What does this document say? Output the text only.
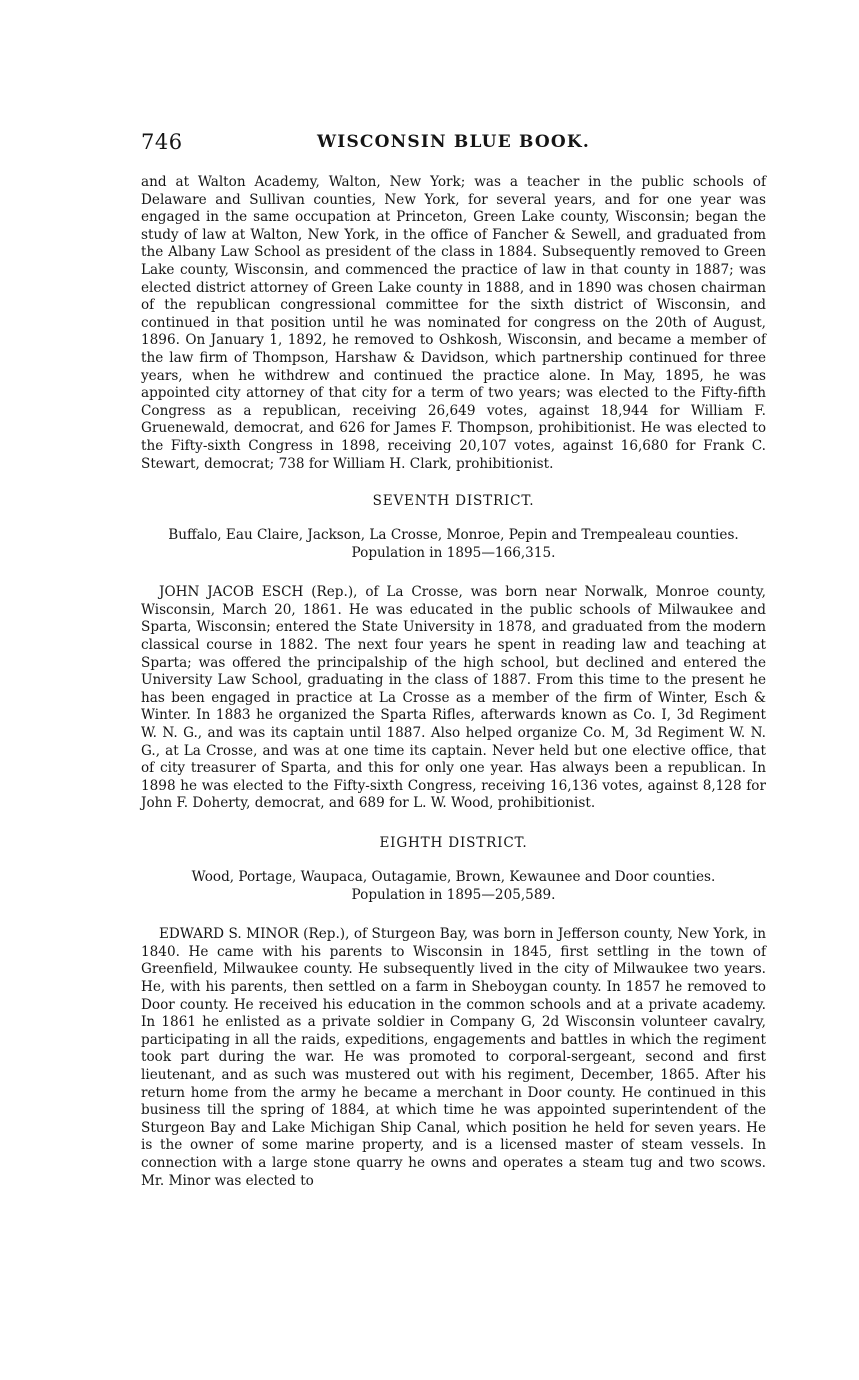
746	WISCONSIN BLUE BOOK.

and at Walton Academy, Walton, New York; was a teacher in the public schools of Delaware and Sullivan counties, New York, for several years, and for one year was engaged in the same occupation at Princeton, Green Lake county, Wisconsin; began the study of law at Walton, New York, in the office of Fancher & Sewell, and graduated from the Albany Law School as president of the class in 1884. Subsequently removed to Green Lake county, Wisconsin, and commenced the practice of law in that county in 1887; was elected district attorney of Green Lake county in 1888, and in 1890 was chosen chairman of the republican congressional committee for the sixth district of Wisconsin, and continued in that position until he was nominated for congress on the 20th of August, 1896. On January 1, 1892, he removed to Oshkosh, Wisconsin, and became a member of the law firm of Thompson, Harshaw & Davidson, which partnership continued for three years, when he withdrew and continued the practice alone. In May, 1895, he was appointed city attorney of that city for a term of two years; was elected to the Fifty-fifth Congress as a republican, receiving 26,649 votes, against 18,944 for William F. Gruenewald, democrat, and 626 for James F. Thompson, prohibitionist. He was elected to the Fifty-sixth Congress in 1898, receiving 20,107 votes, against 16,680 for Frank C. Stewart, democrat; 738 for William H. Clark, prohibitionist.

SEVENTH DISTRICT.

Buffalo, Eau Claire, Jackson, La Crosse, Monroe, Pepin and Trempealeau counties.
Population in 1895—166,315.

JOHN JACOB ESCH (Rep.), of La Crosse, was born near Norwalk, Monroe county, Wisconsin, March 20, 1861. He was educated in the public schools of Milwaukee and Sparta, Wisconsin; entered the State University in 1878, and graduated from the modern classical course in 1882. The next four years he spent in reading law and teaching at Sparta; was offered the principalship of the high school, but declined and entered the University Law School, graduating in the class of 1887. From this time to the present he has been engaged in practice at La Crosse as a member of the firm of Winter, Esch & Winter. In 1883 he organized the Sparta Rifles, afterwards known as Co. I, 3d Regiment W. N. G., and was its captain until 1887. Also helped organize Co. M, 3d Regiment W. N. G., at La Crosse, and was at one time its captain. Never held but one elective office, that of city treasurer of Sparta, and this for only one year. Has always been a republican. In 1898 he was elected to the Fifty-sixth Congress, receiving 16,136 votes, against 8,128 for John F. Doherty, democrat, and 689 for L. W. Wood, prohibitionist.

EIGHTH DISTRICT.

Wood, Portage, Waupaca, Outagamie, Brown, Kewaunee and Door counties.
Population in 1895—205,589.

EDWARD S. MINOR (Rep.), of Sturgeon Bay, was born in Jefferson county, New York, in 1840. He came with his parents to Wisconsin in 1845, first settling in the town of Greenfield, Milwaukee county. He subsequently lived in the city of Milwaukee two years. He, with his parents, then settled on a farm in Sheboygan county. In 1857 he removed to Door county. He received his education in the common schools and at a private academy. In 1861 he enlisted as a private soldier in Company G, 2d Wisconsin volunteer cavalry, participating in all the raids, expeditions, engagements and battles in which the regiment took part during the war. He was promoted to corporal-sergeant, second and first lieutenant, and as such was mustered out with his regiment, December, 1865. After his return home from the army he became a merchant in Door county. He continued in this business till the spring of 1884, at which time he was appointed superintendent of the Sturgeon Bay and Lake Michigan Ship Canal, which position he held for seven years. He is the owner of some marine property, and is a licensed master of steam vessels. In connection with a large stone quarry he owns and operates a steam tug and two scows. Mr. Minor was elected to
